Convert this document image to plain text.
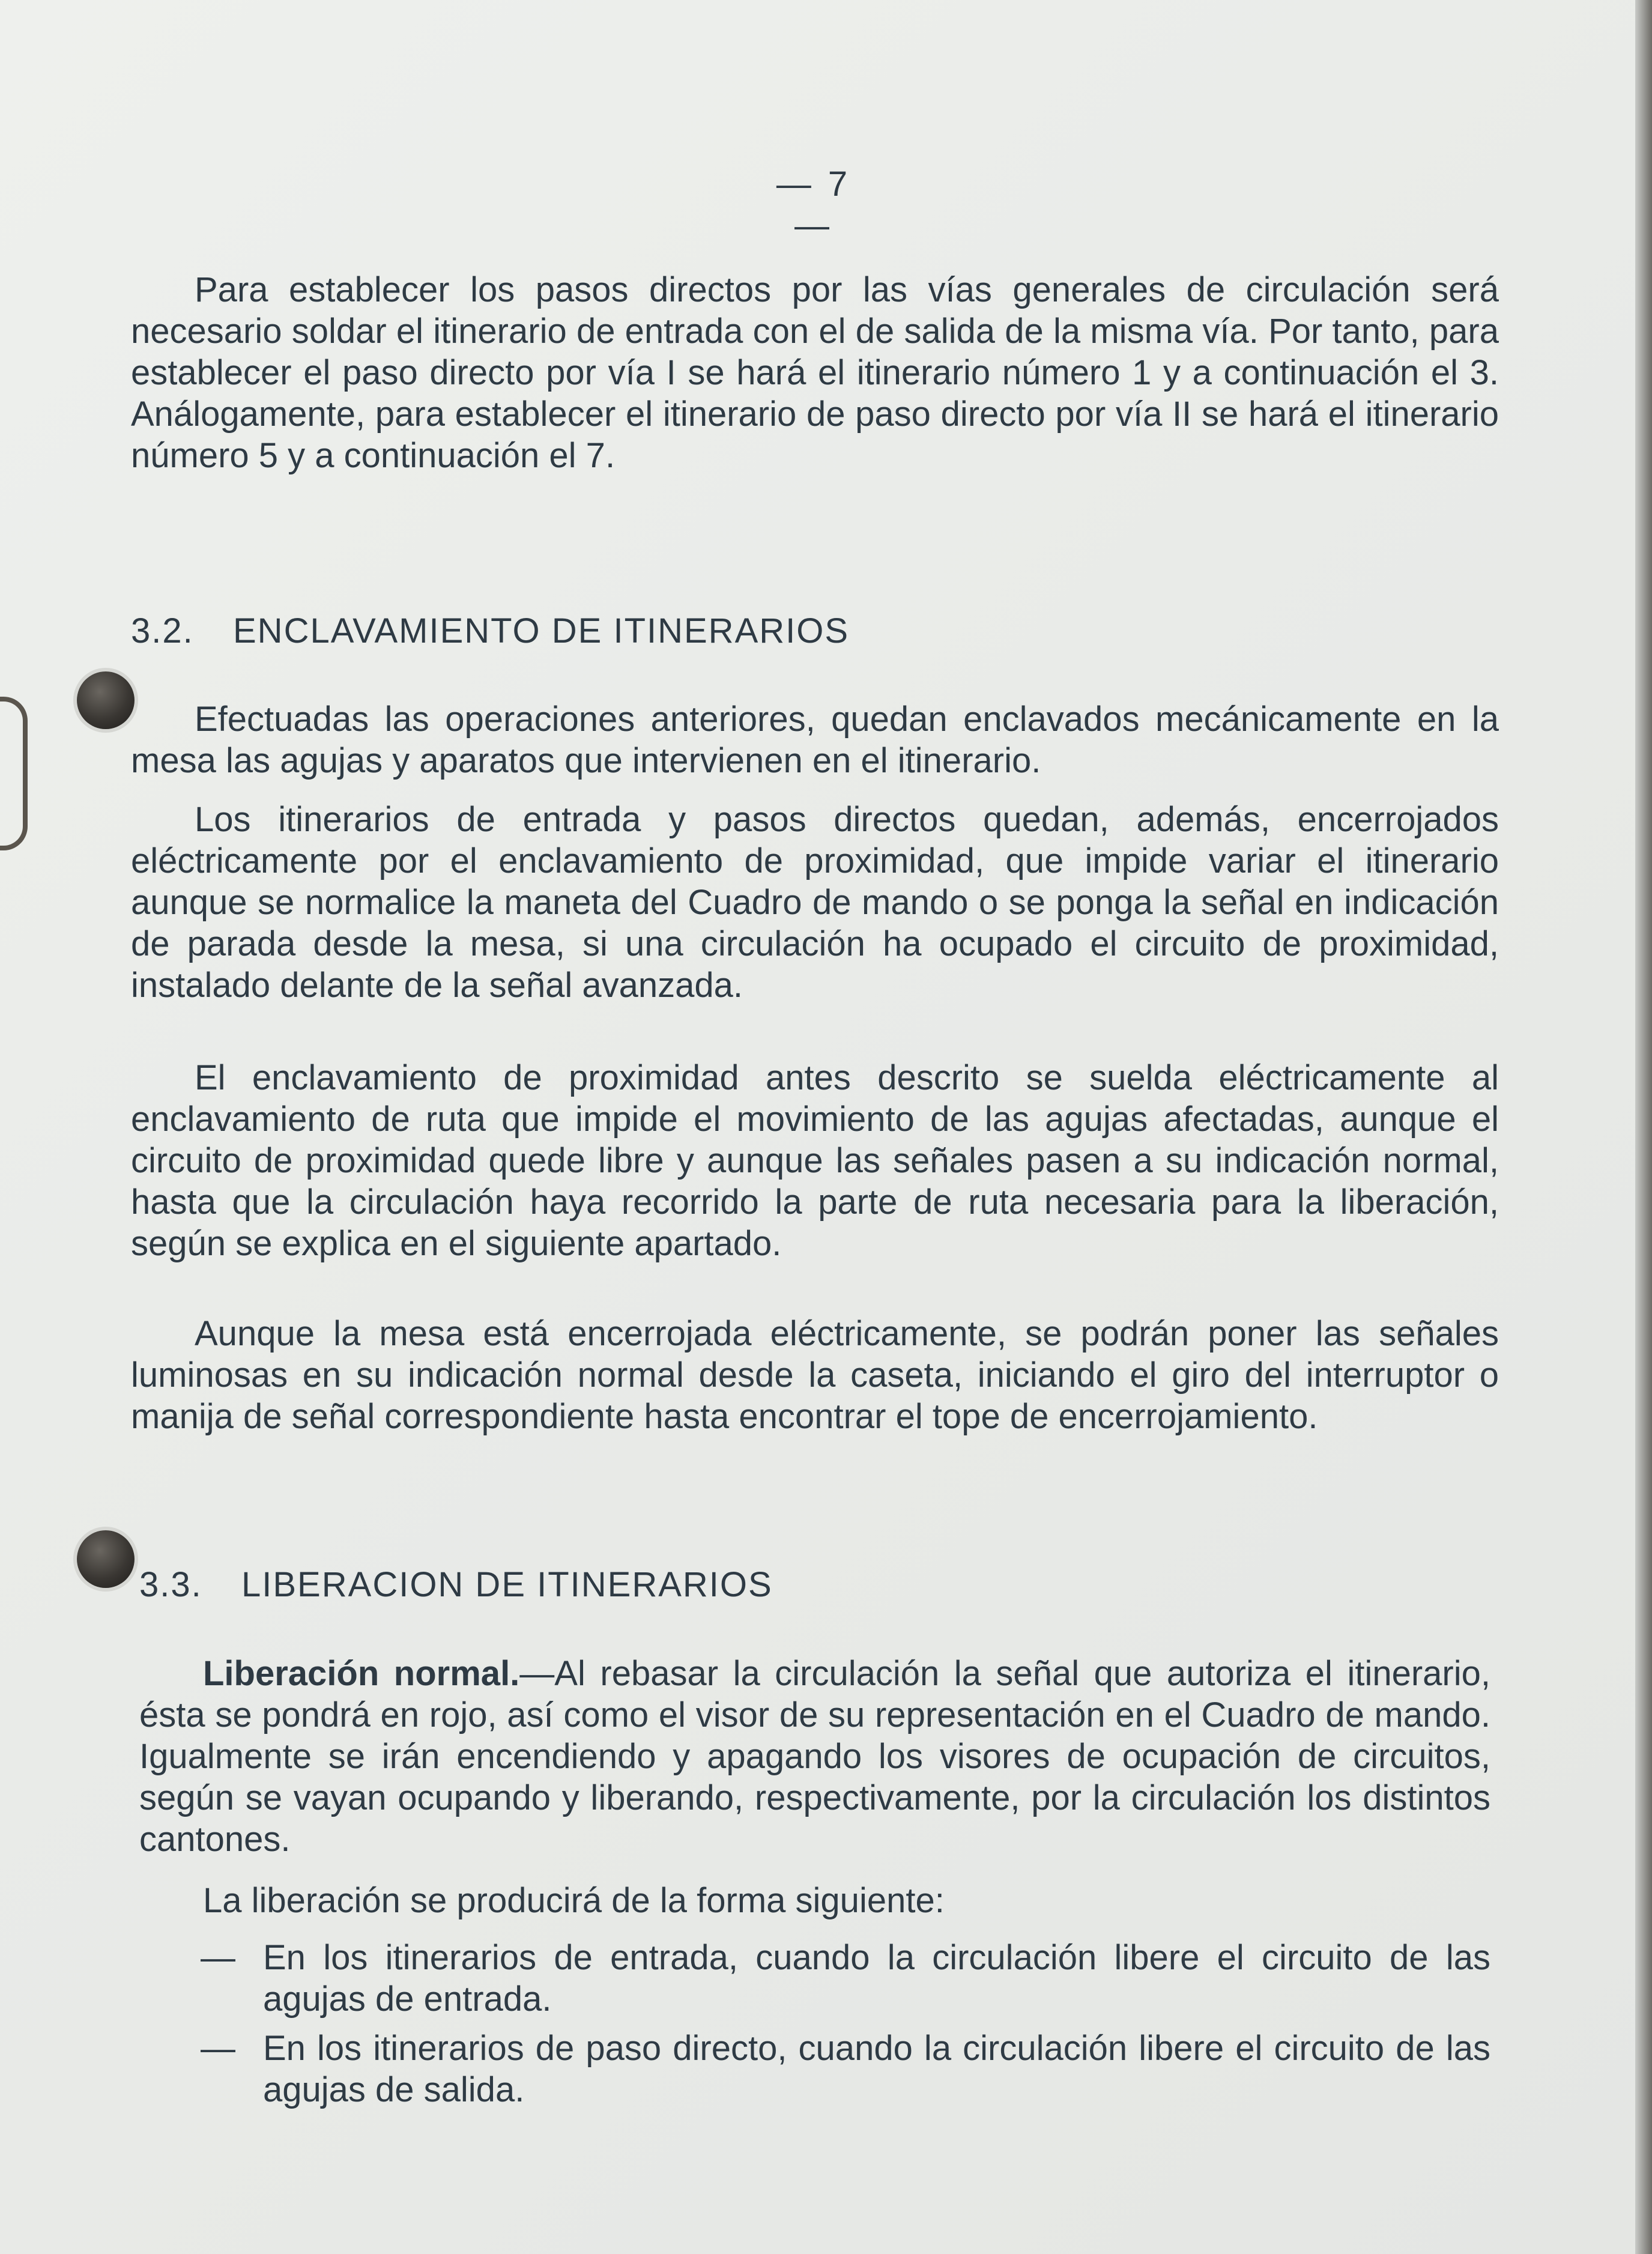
— 7 —

Para establecer los pasos directos por las vías generales de circulación será necesario soldar el itinerario de entrada con el de salida de la misma vía. Por tanto, para establecer el paso directo por vía I se hará el itinerario número 1 y a continuación el 3. Análogamente, para establecer el itinerario de paso directo por vía II se hará el itinerario número 5 y a continuación el 7.

3.2. ENCLAVAMIENTO DE ITINERARIOS

Efectuadas las operaciones anteriores, quedan enclavados mecánicamente en la mesa las agujas y aparatos que intervienen en el itinerario.

Los itinerarios de entrada y pasos directos quedan, además, encerrojados eléctricamente por el enclavamiento de proximidad, que impide variar el itinerario aunque se normalice la maneta del Cuadro de mando o se ponga la señal en indicación de parada desde la mesa, si una circulación ha ocupado el circuito de proximidad, instalado delante de la señal avanzada.

El enclavamiento de proximidad antes descrito se suelda eléctricamente al enclavamiento de ruta que impide el movimiento de las agujas afectadas, aunque el circuito de proximidad quede libre y aunque las señales pasen a su indicación normal, hasta que la circulación haya recorrido la parte de ruta necesaria para la liberación, según se explica en el siguiente apartado.

Aunque la mesa está encerrojada eléctricamente, se podrán poner las señales luminosas en su indicación normal desde la caseta, iniciando el giro del interruptor o manija de señal correspondiente hasta encontrar el tope de encerrojamiento.

3.3. LIBERACION DE ITINERARIOS

Liberación normal.—Al rebasar la circulación la señal que autoriza el itinerario, ésta se pondrá en rojo, así como el visor de su representación en el Cuadro de mando. Igualmente se irán encendiendo y apagando los visores de ocupación de circuitos, según se vayan ocupando y liberando, respectivamente, por la circulación los distintos cantones.

La liberación se producirá de la forma siguiente:

— En los itinerarios de entrada, cuando la circulación libere el circuito de las agujas de entrada.
— En los itinerarios de paso directo, cuando la circulación libere el circuito de las agujas de salida.
